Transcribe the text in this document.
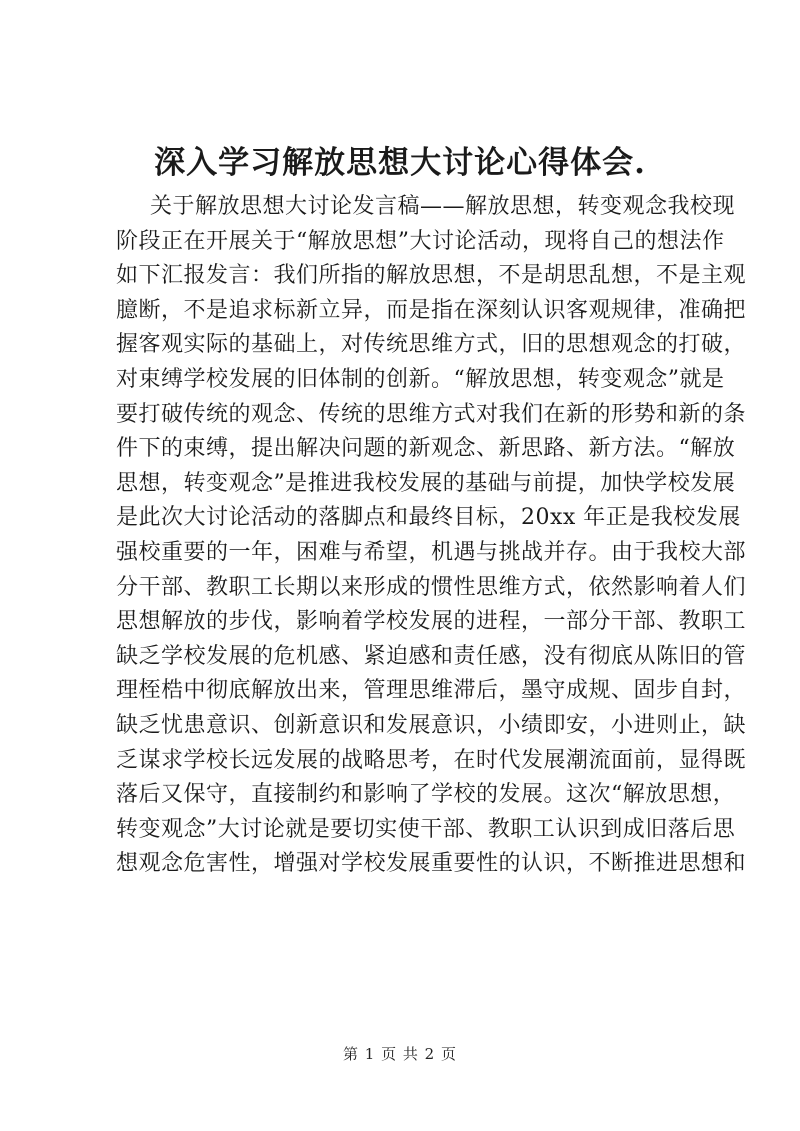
深入学习解放思想大讨论心得体会.
关于解放思想大讨论发言稿——解放思想，转变观念我校现
阶段正在开展关于“解放思想”大讨论活动，现将自己的想法作
如下汇报发言：我们所指的解放思想，不是胡思乱想，不是主观
臆断，不是追求标新立异，而是指在深刻认识客观规律，准确把
握客观实际的基础上，对传统思维方式，旧的思想观念的打破，
对束缚学校发展的旧体制的创新。“解放思想，转变观念”就是
要打破传统的观念、传统的思维方式对我们在新的形势和新的条
件下的束缚，提出解决问题的新观念、新思路、新方法。“解放
思想，转变观念”是推进我校发展的基础与前提，加快学校发展
是此次大讨论活动的落脚点和最终目标，20xx 年正是我校发展
强校重要的一年，困难与希望，机遇与挑战并存。由于我校大部
分干部、教职工长期以来形成的惯性思维方式，依然影响着人们
思想解放的步伐，影响着学校发展的进程，一部分干部、教职工
缺乏学校发展的危机感、紧迫感和责任感，没有彻底从陈旧的管
理桎梏中彻底解放出来，管理思维滞后，墨守成规、固步自封，
缺乏忧患意识、创新意识和发展意识，小绩即安，小进则止，缺
乏谋求学校长远发展的战略思考，在时代发展潮流面前，显得既
落后又保守，直接制约和影响了学校的发展。这次“解放思想，
转变观念”大讨论就是要切实使干部、教职工认识到成旧落后思
想观念危害性，增强对学校发展重要性的认识，不断推进思想和
第 1 页 共 2 页
